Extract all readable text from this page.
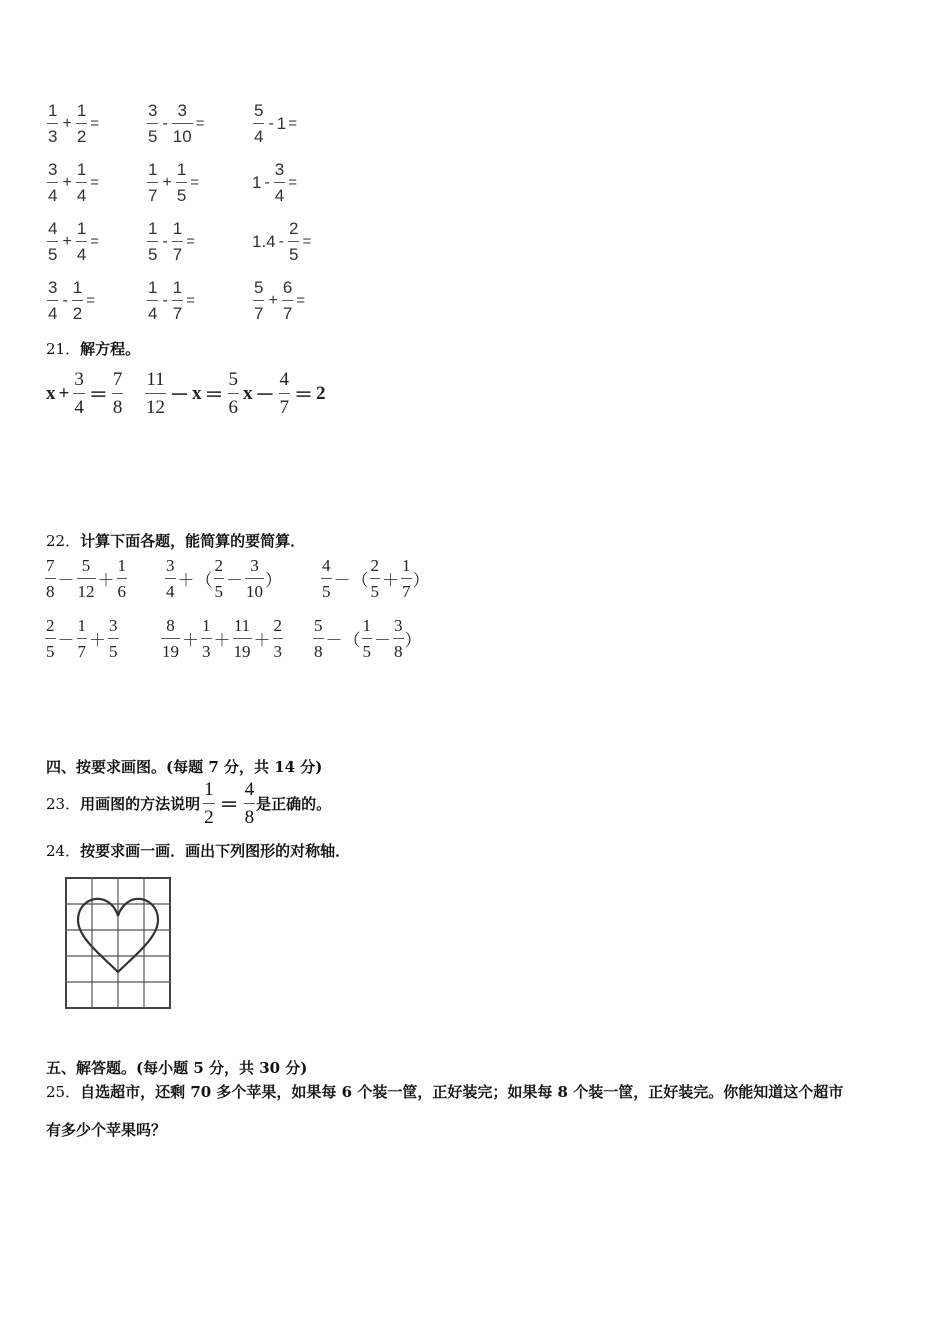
1
3
+
1
2
=
3
5
-
3
10
=
5
4
- 1 =
3
4
+
1
4
=
1
7
+
1
5
=	1 -
3
4
=
4
5
+
1
4
=
1
5
-
1
7
=	1.4 -
2
5
=
3
4
-
1
2
=
1
4
-
1
7
=
5
7
+
6
7
=
21． 解方程。
x +
3
4
＝
7
8
11
12
－ x ＝
5
6
x －
4
7
＝ 2
22． 计算下面各题，能简算的要简算．
7
8
－
5
12
＋
1
6
3
4
＋ （
2
5
－
3
10
）
4
5
－ （
2
5
＋
1
7
）
2
5
－
1
7
＋
3
5
8
19
＋
1
3
＋
11
19
＋
2
3
5
8
－ （
1
5
－
3
8
）
四、按要求画图。(每题 7 分，共 14 分)
23． 用画图的方法说明 $\frac{1}{2} = \frac{4}{8}$ 是正确的。
24． 按要求画一画．画出下列图形的对称轴．
五、解答题。(每小题 5 分，共 30 分)
25． 自选超市，还剩 70 多个苹果，如果每 6 个装一筐，正好装完；如果每 8 个装一筐，正好装完。你能知道这个超市
有多少个苹果吗？
